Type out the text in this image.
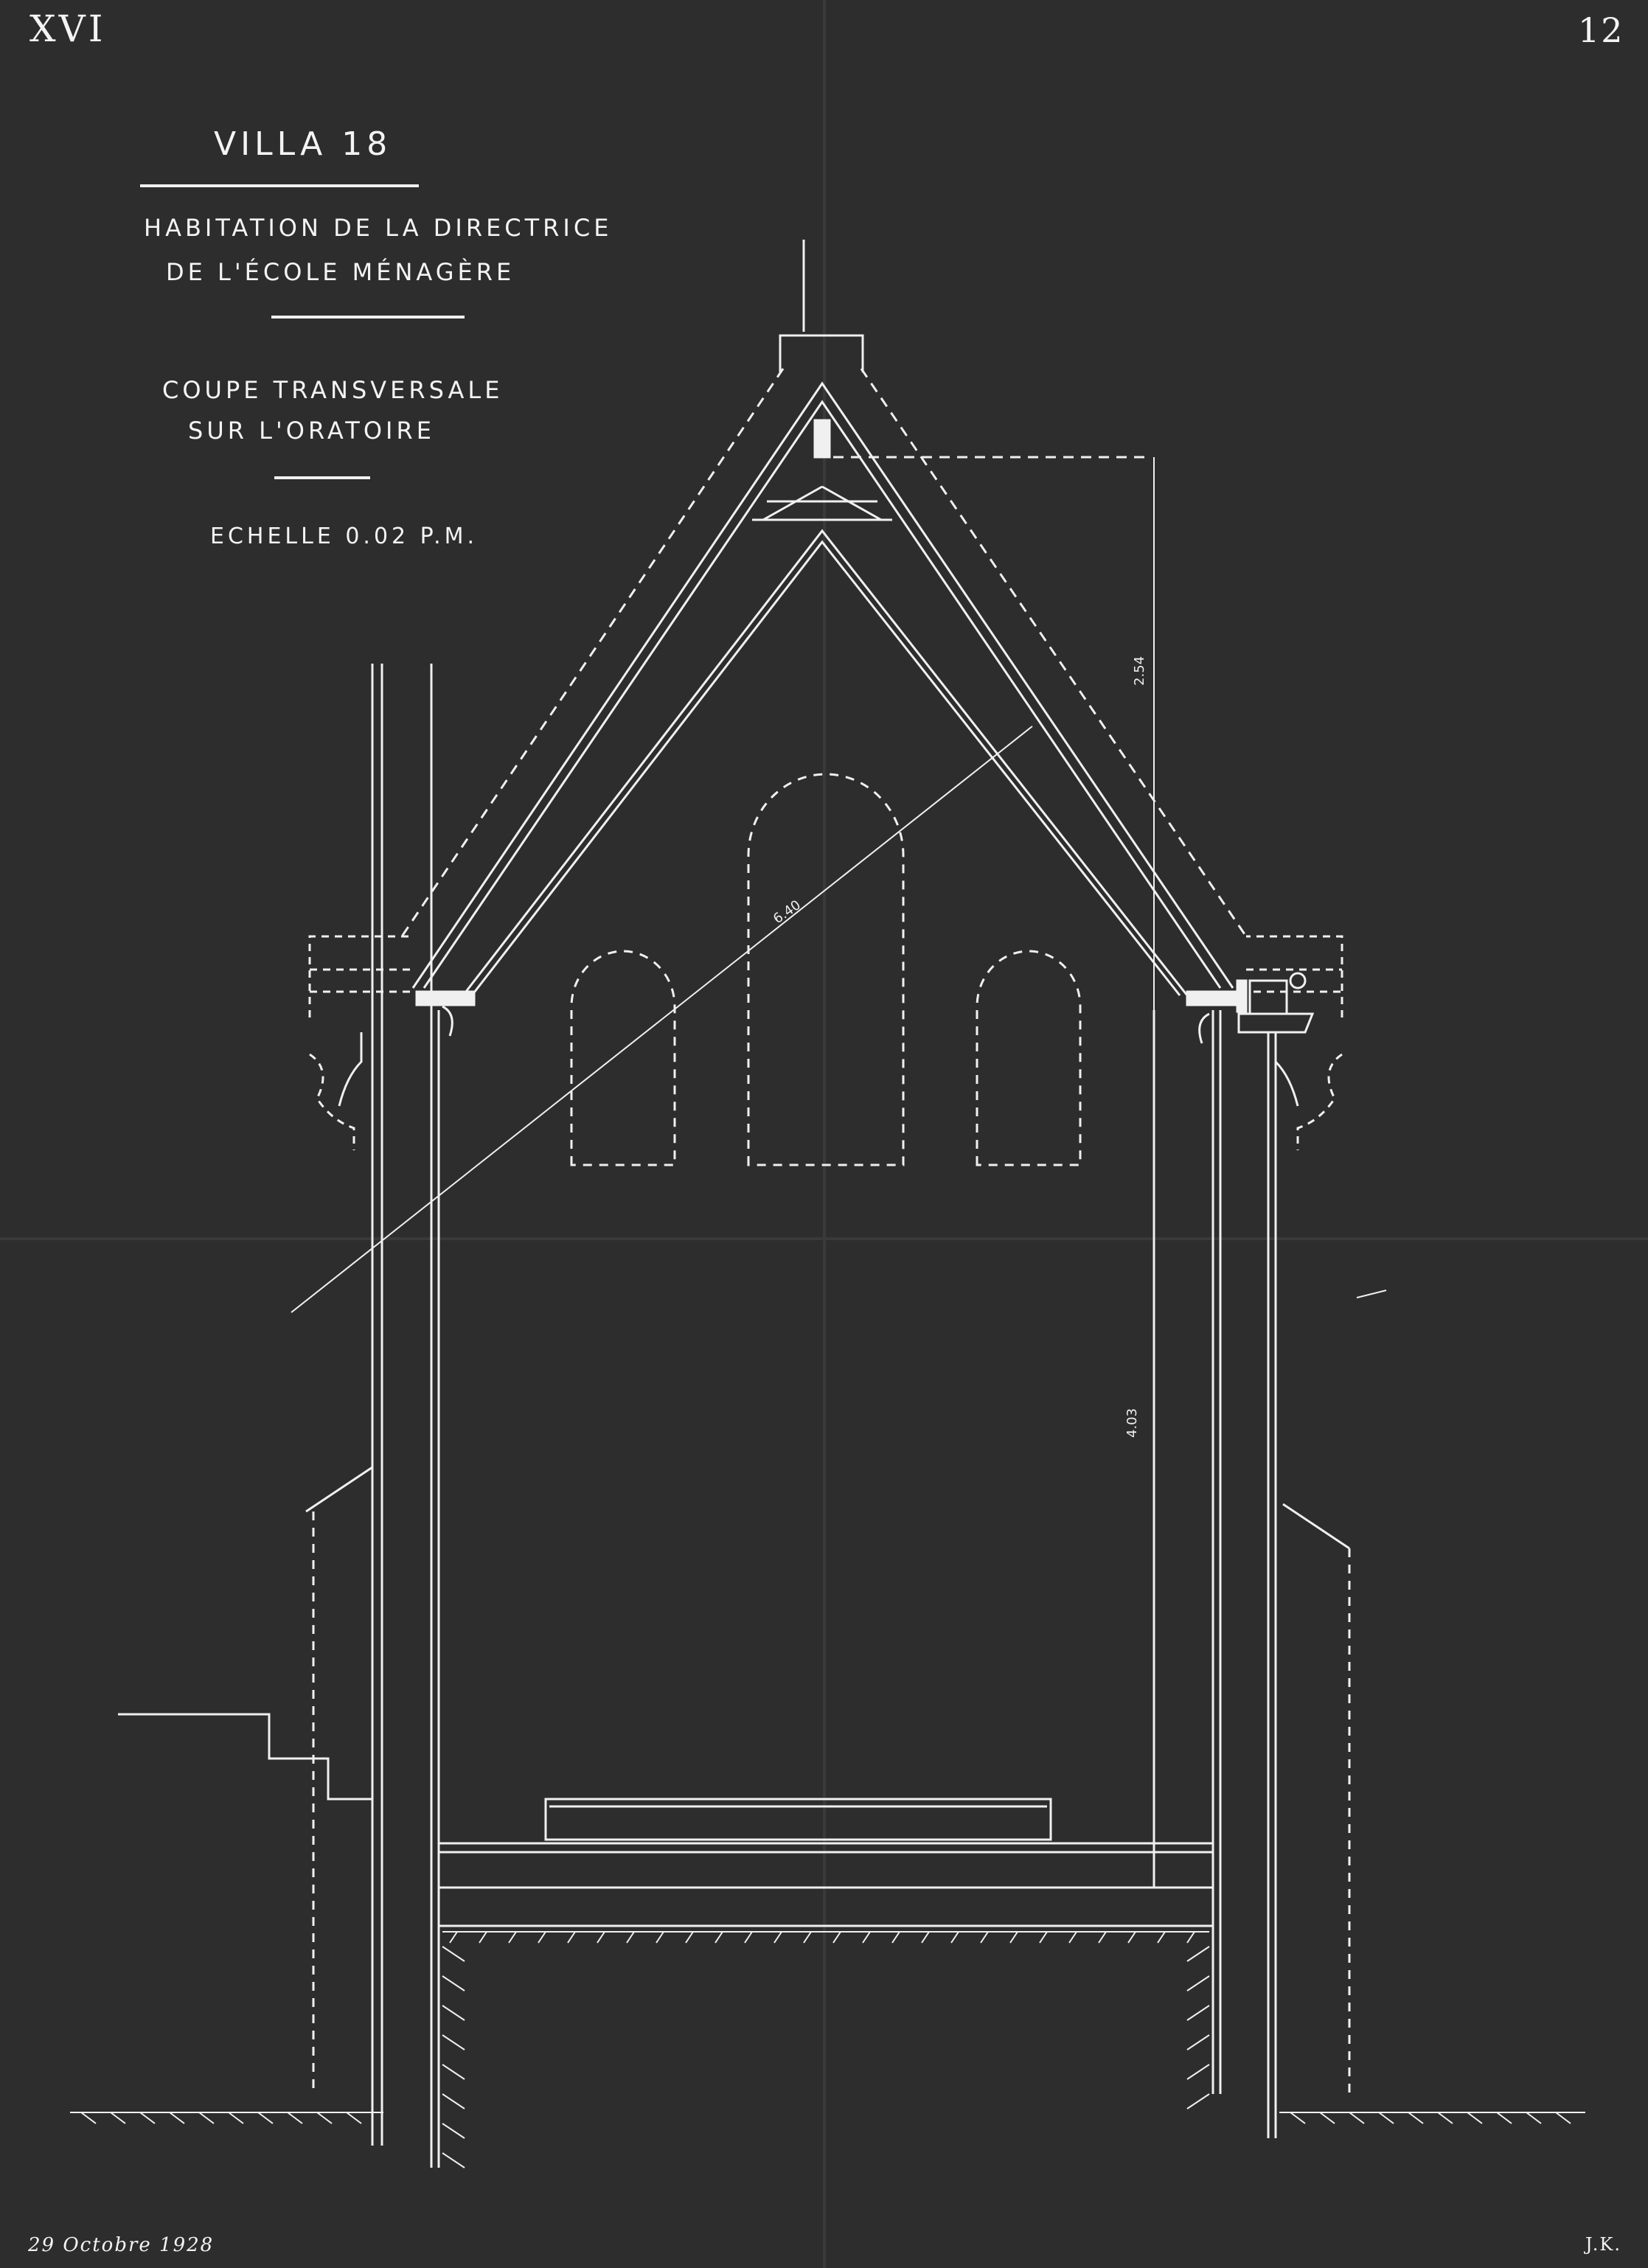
XVI	12
VILLA 18
HABITATION DE LA DIRECTRICE
DE L'ÉCOLE MÉNAGÈRE
COUPE TRANSVERSALE
SUR L'ORATOIRE
ECHELLE 0.02 P.M.
2.54
4.03
6.40
29 Octobre 1928	J.K.
